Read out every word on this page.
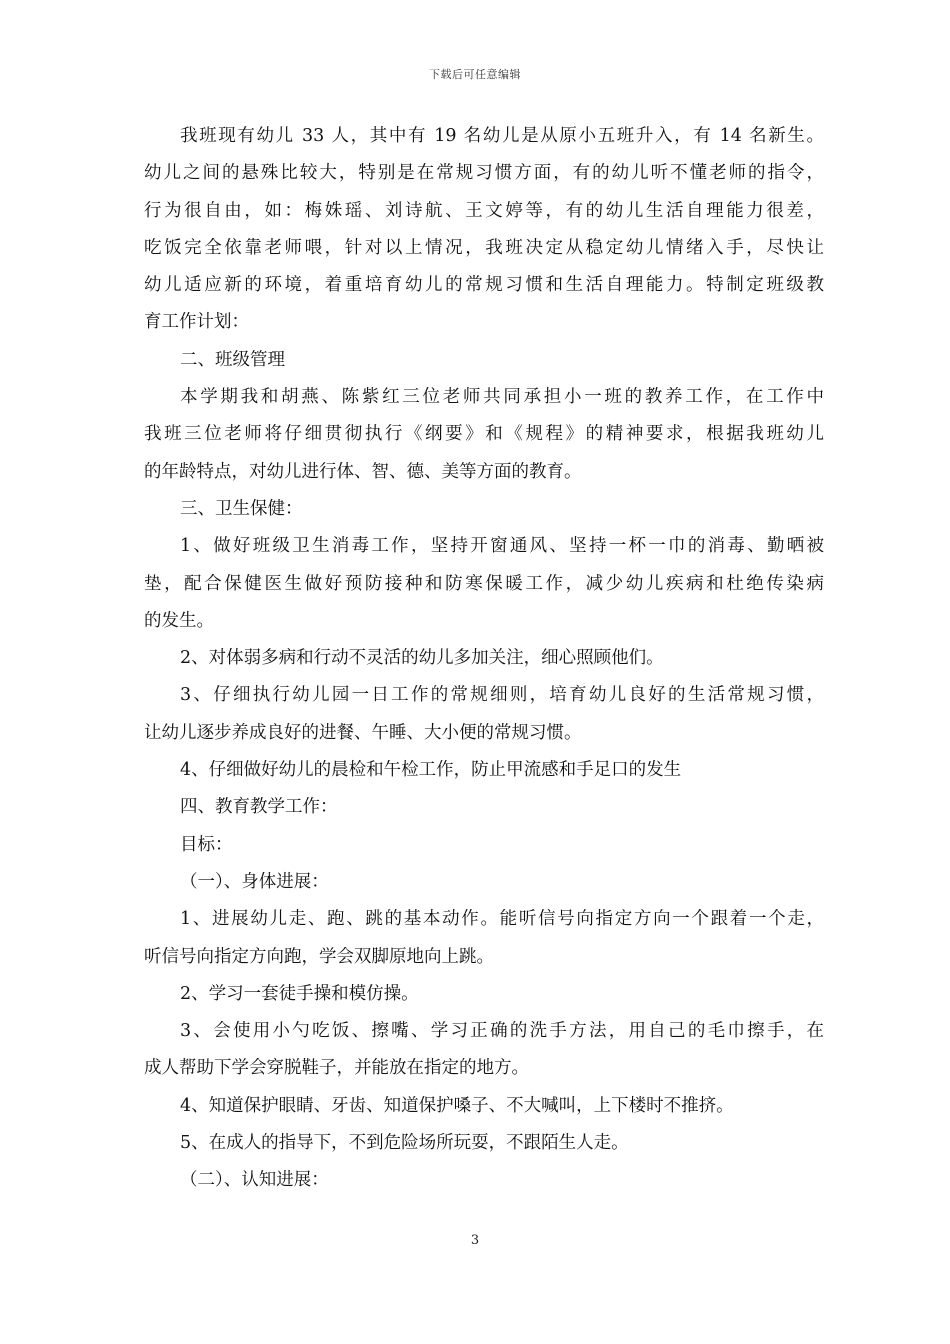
下载后可任意编辑

我班现有幼儿 33 人，其中有 19 名幼儿是从原小五班升入，有 14 名新生。

幼儿之间的悬殊比较大，特别是在常规习惯方面，有的幼儿听不懂老师的指令，

行为很自由，如：梅姝瑶、刘诗航、王文婷等，有的幼儿生活自理能力很差，

吃饭完全依靠老师喂，针对以上情况，我班决定从稳定幼儿情绪入手，尽快让

幼儿适应新的环境，着重培育幼儿的常规习惯和生活自理能力。特制定班级教

育工作计划：

二、班级管理

本学期我和胡燕、陈紫红三位老师共同承担小一班的教养工作，在工作中

我班三位老师将仔细贯彻执行《纲要》和《规程》的精神要求，根据我班幼儿

的年龄特点，对幼儿进行体、智、德、美等方面的教育。

三、卫生保健：

1、做好班级卫生消毒工作，坚持开窗通风、坚持一杯一巾的消毒、勤晒被

垫，配合保健医生做好预防接种和防寒保暖工作，减少幼儿疾病和杜绝传染病

的发生。

2、对体弱多病和行动不灵活的幼儿多加关注，细心照顾他们。

3、仔细执行幼儿园一日工作的常规细则，培育幼儿良好的生活常规习惯，

让幼儿逐步养成良好的进餐、午睡、大小便的常规习惯。

4、仔细做好幼儿的晨检和午检工作，防止甲流感和手足口的发生

四、教育教学工作：

目标：

（一）、身体进展：

1、进展幼儿走、跑、跳的基本动作。能听信号向指定方向一个跟着一个走，

听信号向指定方向跑，学会双脚原地向上跳。

2、学习一套徒手操和模仿操。

3、会使用小勺吃饭、擦嘴、学习正确的洗手方法，用自己的毛巾擦手，在

成人帮助下学会穿脱鞋子，并能放在指定的地方。

4、知道保护眼睛、牙齿、知道保护嗓子、不大喊叫，上下楼时不推挤。

5、在成人的指导下，不到危险场所玩耍，不跟陌生人走。

（二）、认知进展：

3
